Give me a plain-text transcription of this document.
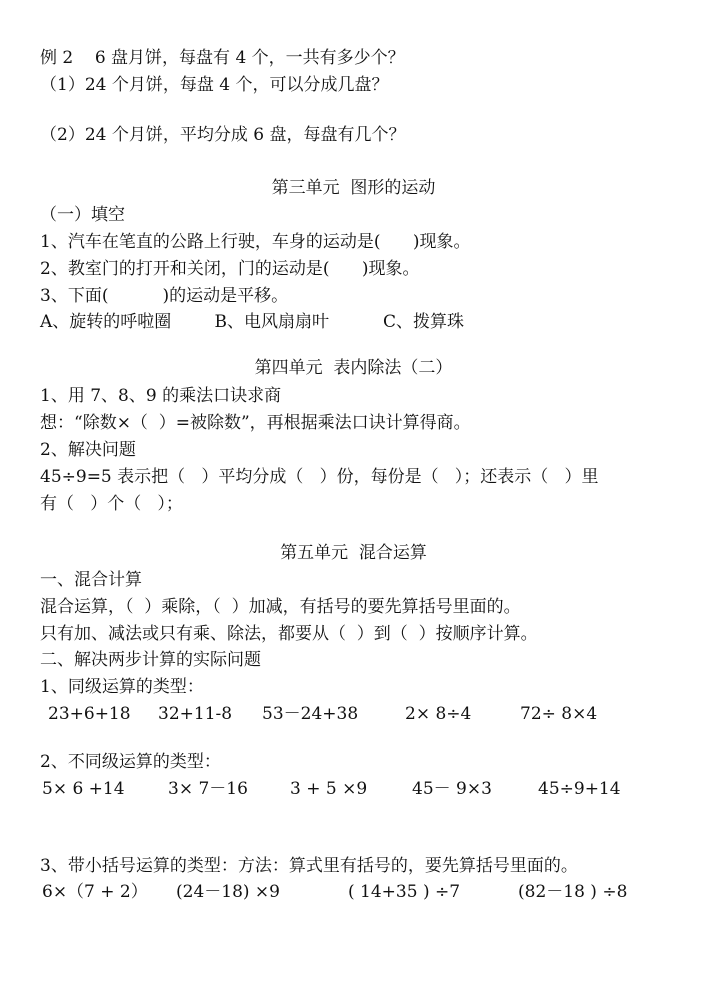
例 2    6 盘月饼，每盘有 4 个，一共有多少个？
（1）24 个月饼，每盘 4 个，可以分成几盘？
（2）24 个月饼，平均分成 6 盘，每盘有几个？
第三单元  图形的运动
（一）填空
1、汽车在笔直的公路上行驶，车身的运动是(      )现象。
2、教室门的打开和关闭，门的运动是(      )现象。
3、下面(          )的运动是平移。
A、旋转的呼啦圈        B、电风扇扇叶          C、拨算珠
第四单元  表内除法（二）
1、用 7、8、9 的乘法口诀求商
想：“除数×（  ）=被除数”，再根据乘法口诀计算得商。
2、解决问题
45÷9=5 表示把（   ）平均分成（   ）份，每份是（   ）；还表示（   ）里
有（   ）个（   ）；
第五单元  混合运算
一、混合计算
混合运算，（  ）乘除，（  ）加减，有括号的要先算括号里面的。
只有加、减法或只有乘、除法，都要从（  ）到（  ）按顺序计算。
二、解决两步计算的实际问题
1、同级运算的类型：
23+6+18 32+11-8 53－24+38	2× 8÷4	72÷ 8×4
2、不同级运算的类型：
5× 6 +14	3× 7－16 3 + 5 ×9	45－ 9×3	45÷9+14
3、带小括号运算的类型：方法：算式里有括号的，要先算括号里面的。
6×（7 + 2） (24－18) ×9	( 14+35 ) ÷7	(82－18 ) ÷8
